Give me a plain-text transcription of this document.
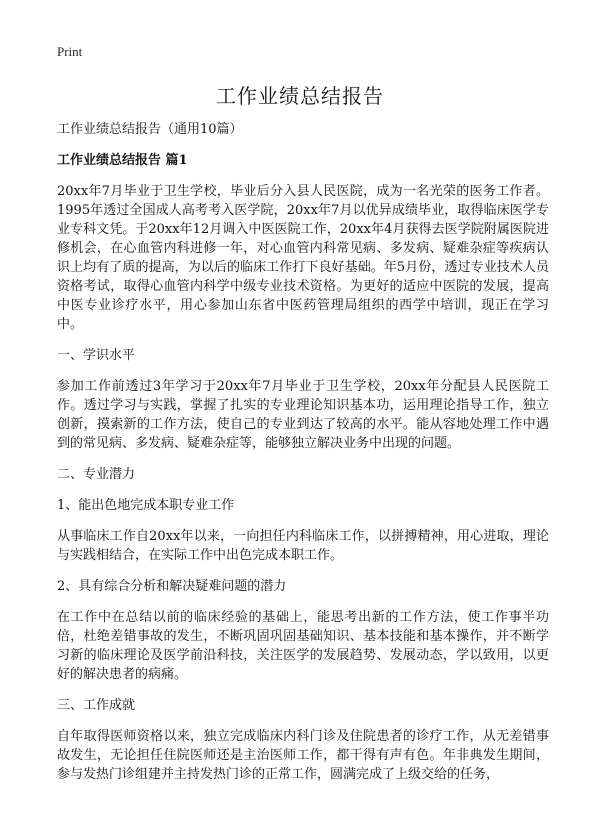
Print
工作业绩总结报告

工作业绩总结报告（通用10篇）

工作业绩总结报告 篇1

20xx年7月毕业于卫生学校，毕业后分入县人民医院，成为一名光荣的医务工作者。1995年透过全国成人高考考入医学院，20xx年7月以优异成绩毕业，取得临床医学专业专科文凭。于20xx年12月调入中医医院工作，20xx年4月获得去医学院附属医院进修机会，在心血管内科进修一年，对心血管内科常见病、多发病、疑难杂症等疾病认识上均有了质的提高，为以后的临床工作打下良好基础。年5月份，透过专业技术人员资格考试，取得心血管内科学中级专业技术资格。为更好的适应中医院的发展，提高中医专业诊疗水平，用心参加山东省中医药管理局组织的西学中培训，现正在学习中。

一、学识水平

参加工作前透过3年学习于20xx年7月毕业于卫生学校，20xx年分配县人民医院工作。透过学习与实践，掌握了扎实的专业理论知识基本功，运用理论指导工作，独立创新，摸索新的工作方法，使自己的专业到达了较高的水平。能从容地处理工作中遇到的常见病、多发病、疑难杂症等，能够独立解决业务中出现的问题。

二、专业潜力

1、能出色地完成本职专业工作

从事临床工作自20xx年以来，一向担任内科临床工作，以拼搏精神，用心进取，理论与实践相结合，在实际工作中出色完成本职工作。

2、具有综合分析和解决疑难问题的潜力

在工作中在总结以前的临床经验的基础上，能思考出新的工作方法，使工作事半功倍，杜绝差错事故的发生，不断巩固巩固基础知识、基本技能和基本操作，并不断学习新的临床理论及医学前沿科技，关注医学的发展趋势、发展动态，学以致用，以更好的解决患者的病痛。

三、工作成就

自年取得医师资格以来，独立完成临床内科门诊及住院患者的诊疗工作，从无差错事故发生，无论担任住院医师还是主治医师工作，都干得有声有色。年非典发生期间，参与发热门诊组建并主持发热门诊的正常工作，圆满完成了上级交给的任务，
